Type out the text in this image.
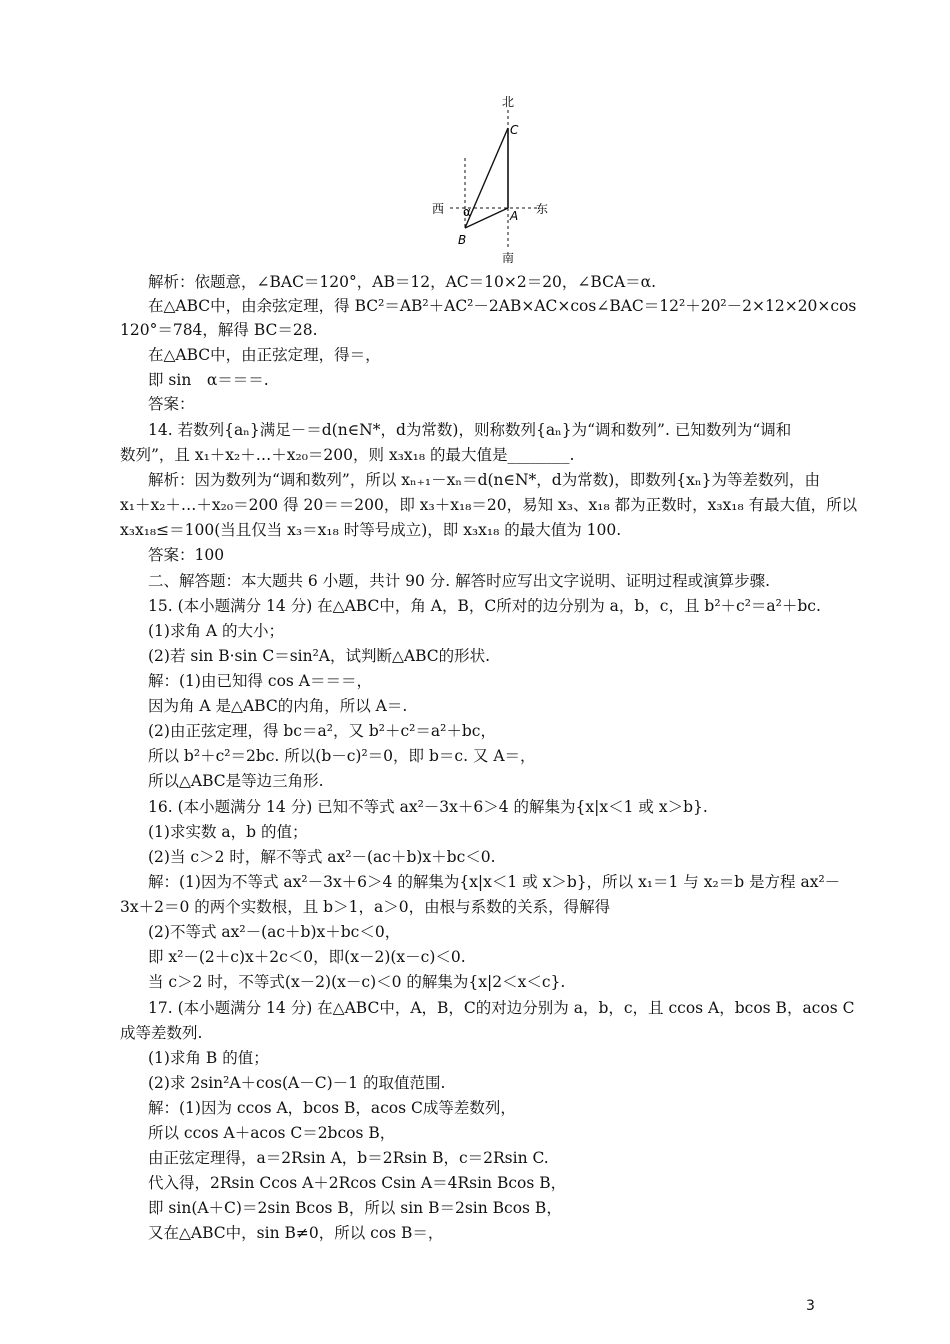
北
南
东
西
C
A
B
α
解析：依题意，∠BAC＝120°，AB＝12，AC＝10×2＝20，∠BCA＝α.
在△ABC中，由余弦定理，得 BC²＝AB²＋AC²－2AB×AC×cos∠BAC＝12²＋20²－2×12×20×cos
120°＝784，解得 BC＝28.
在△ABC中，由正弦定理，得＝，
即 sin　α＝＝＝.
答案：
14. 若数列{aₙ}满足－＝d(n∈N*，d为常数)，则称数列{aₙ}为“调和数列”. 已知数列为“调和
数列”，且 x₁＋x₂＋…＋x₂₀＝200，则 x₃x₁₈ 的最大值是________.
解析：因为数列为“调和数列”，所以 xₙ₊₁－xₙ＝d(n∈N*，d为常数)，即数列{xₙ}为等差数列，由
x₁＋x₂＋…＋x₂₀＝200 得 20＝＝200，即 x₃＋x₁₈＝20，易知 x₃、x₁₈ 都为正数时，x₃x₁₈ 有最大值，所以
x₃x₁₈≤＝100(当且仅当 x₃＝x₁₈ 时等号成立)，即 x₃x₁₈ 的最大值为 100.
答案：100
二、解答题：本大题共 6 小题，共计 90 分. 解答时应写出文字说明、证明过程或演算步骤.
15. (本小题满分 14 分) 在△ABC中，角 A，B，C所对的边分别为 a，b，c，且 b²＋c²＝a²＋bc.
(1)求角 A 的大小；
(2)若 sin B·sin C＝sin²A，试判断△ABC的形状.
解：(1)由已知得 cos A＝＝＝，
因为角 A 是△ABC的内角，所以 A＝.
(2)由正弦定理，得 bc＝a²，又 b²＋c²＝a²＋bc，
所以 b²＋c²＝2bc. 所以(b－c)²＝0，即 b＝c. 又 A＝，
所以△ABC是等边三角形.
16. (本小题满分 14 分) 已知不等式 ax²－3x＋6＞4 的解集为{x|x＜1 或 x＞b}.
(1)求实数 a，b 的值；
(2)当 c＞2 时，解不等式 ax²－(ac＋b)x＋bc＜0.
解：(1)因为不等式 ax²－3x＋6＞4 的解集为{x|x＜1 或 x＞b}，所以 x₁＝1 与 x₂＝b 是方程 ax²－
3x＋2＝0 的两个实数根，且 b＞1，a＞0，由根与系数的关系，得解得
(2)不等式 ax²－(ac＋b)x＋bc＜0，
即 x²－(2＋c)x＋2c＜0，即(x－2)(x－c)＜0.
当 c＞2 时，不等式(x－2)(x－c)＜0 的解集为{x|2＜x＜c}.
17. (本小题满分 14 分) 在△ABC中，A，B，C的对边分别为 a，b，c，且 ccos A，bcos B，acos C
成等差数列.
(1)求角 B 的值；
(2)求 2sin²A＋cos(A－C)－1 的取值范围.
解：(1)因为 ccos A，bcos B，acos C成等差数列，
所以 ccos A＋acos C＝2bcos B，
由正弦定理得，a＝2Rsin A，b＝2Rsin B，c＝2Rsin C.
代入得，2Rsin Ccos A＋2Rcos Csin A＝4Rsin Bcos B，
即 sin(A＋C)＝2sin Bcos B，所以 sin B＝2sin Bcos B，
又在△ABC中，sin B≠0，所以 cos B＝，
3
